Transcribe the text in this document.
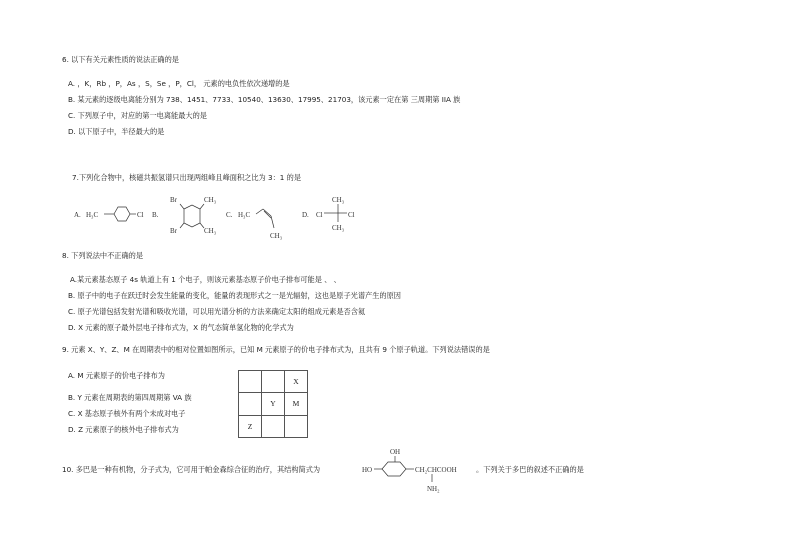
6. 以下有关元素性质的说法正确的是
A. ，K，Rb ，P，As ，S，Se ，P，Cl， 元素的电负性依次递增的是
B. 某元素的逐级电离能分别为 738、1451、7733、10540、13630、17995、21703，该元素一定在第 三周期第 IIA 族
C. 下列原子中，对应的第一电离能最大的是
D. 以下原子中，半径最大的是
7.下列化合物中，核磁共振氢谱只出现两组峰且峰面积之比为 3：1 的是
A. H₃C	Cl B.
Br
Br
CH₃
CH₃
C. H₃C
CH₃
D.
CH₃
CH₃
Cl	Cl
8. 下列说法中不正确的是
A.某元素基态原子 4s 轨道上有 1 个电子，则该元素基态原子价电子排布可能是 、 、
B. 原子中的电子在跃迁时会发生能量的变化，能量的表现形式之一是光辐射，这也是原子光谱产生的原因
C. 原子光谱包括发射光谱和吸收光谱，可以用光谱分析的方法来确定太阳的组成元素是否含氦
D. X 元素的原子最外层电子排布式为，X 的气态简单氢化物的化学式为
9. 元素 X、Y、Z、M 在周期表中的相对位置如图所示，已知 M 元素原子的价电子排布式为，且共有 9 个原子轨道。下列说法错误的是
A. M 元素原子的价电子排布为
B. Y 元素在周期表的第四周期第 VA 族
C. X 基态原子核外有两个未成对电子
D. Z 元素原子的核外电子排布式为
		X
	Y	M
Z		
10. 多巴是一种有机物，分子式为，它可用于帕金森综合征的治疗，其结构简式为
OH
HO	CH₂CHCOOH
NH₂
。下列关于多巴的叙述不正确的是
